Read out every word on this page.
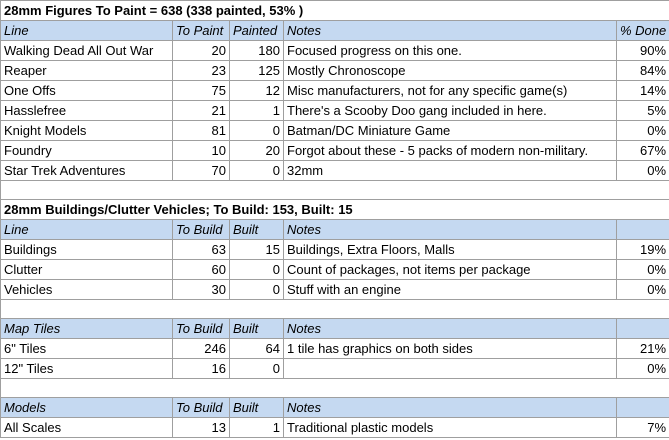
28mm Figures To Paint = 638 (338 painted, 53% )				
Line	To Paint	Painted	Notes	% Done
Walking Dead All Out War	20	180	Focused progress on this one.	90%
Reaper	23	125	Mostly Chronoscope	84%
One Offs	75	12	Misc manufacturers, not for any specific game(s)	14%
Hasslefree	21	1	There's a Scooby Doo gang included in here.	5%
Knight Models	81	0	Batman/DC Miniature Game	0%
Foundry	10	20	Forgot about these - 5 packs of modern non-military.	67%
Star Trek Adventures	70	0	32mm	0%

28mm Buildings/Clutter Vehicles; To Build: 153, Built: 15				
Line	To Build	Built	Notes	
Buildings	63	15	Buildings, Extra Floors, Malls	19%
Clutter	60	0	Count of packages, not items per package	0%
Vehicles	30	0	Stuff with an engine	0%

Map Tiles	To Build	Built	Notes	
6" Tiles	246	64	1 tile has graphics on both sides	21%
12" Tiles	16	0		0%

Models	To Build	Built	Notes	
All Scales	13	1	Traditional plastic models	7%
